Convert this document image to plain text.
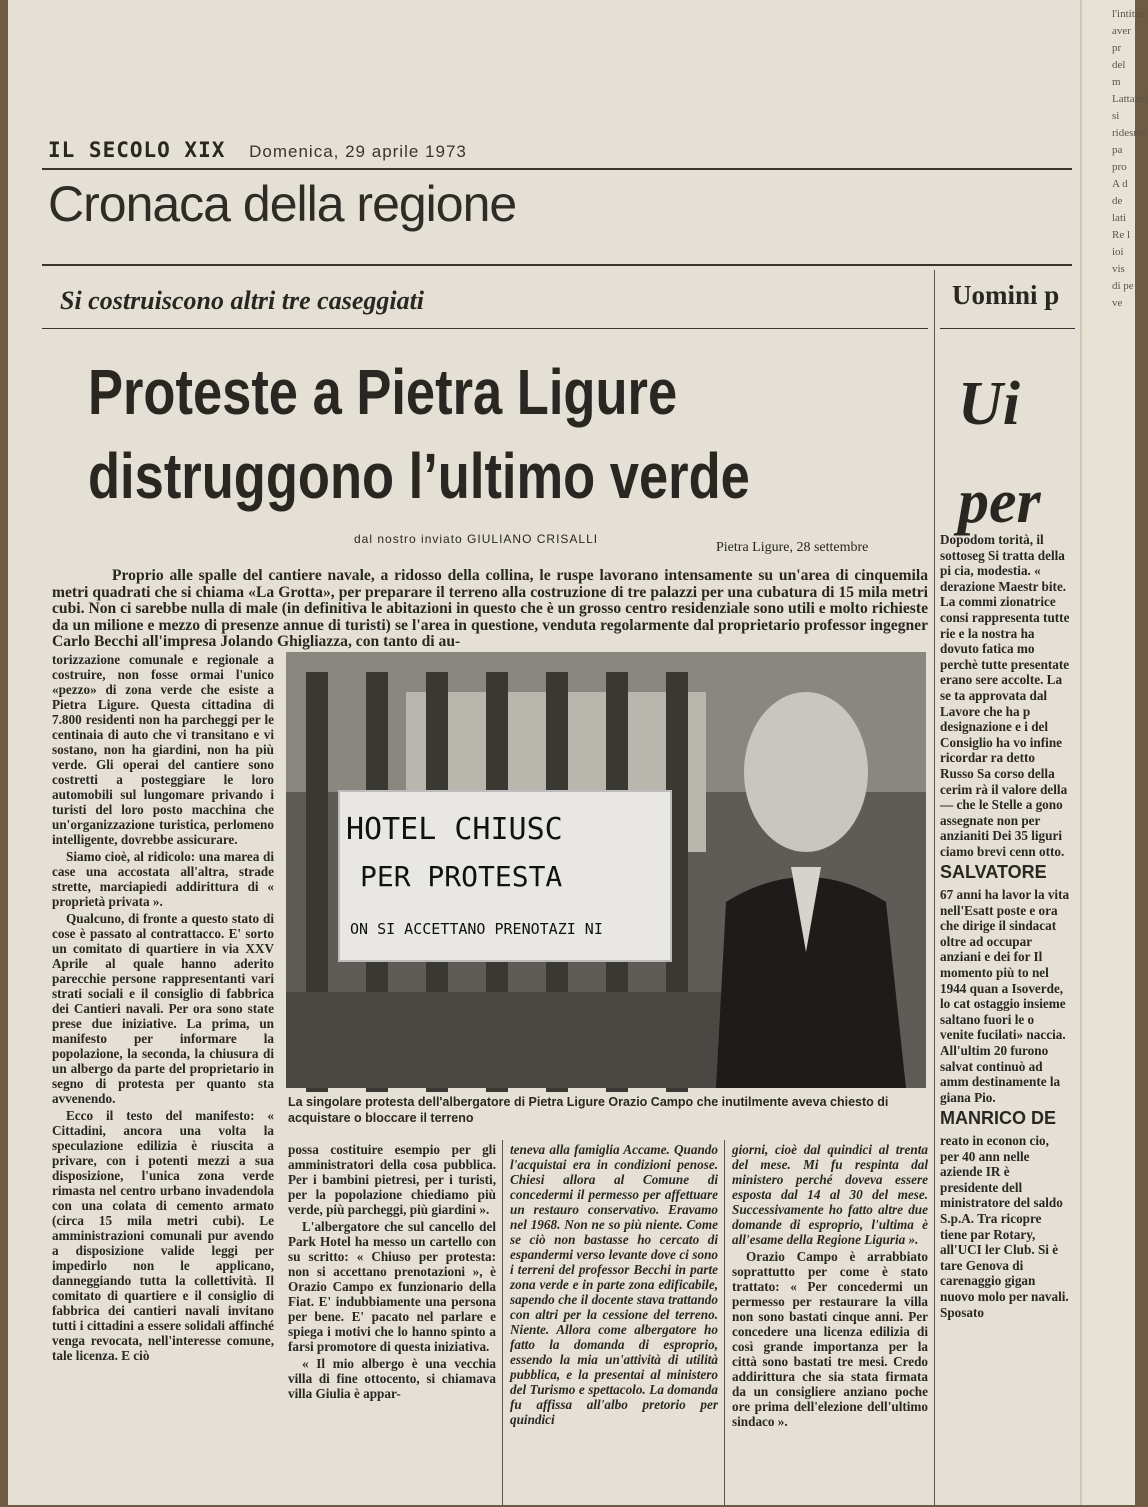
l'intitoz aver pr del m Lattanzi si ridesme pa pro A d de lati Re l ioi vis di pe ve
IL SECOLO XIX Domenica, 29 aprile 1973
Cronaca della regione
Si costruiscono altri tre caseggiati	Uomini p
Proteste a Pietra Ligure
distruggono l’ultimo verde
Ui
per
dal nostro inviato GIULIANO CRISALLI
Pietra Ligure, 28 settembre
Proprio alle spalle del cantiere navale, a ridosso della collina, le ruspe lavorano intensamente su un'area di cinquemila metri quadrati che si chiama «La Grotta», per preparare il terreno alla costruzione di tre palazzi per una cubatura di 15 mila metri cubi. Non ci sarebbe nulla di male (in definitiva le abitazioni in questo che è un grosso centro residenziale sono utili e molto richieste da un milione e mezzo di presenze annue di turisti) se l'area in questione, venduta regolarmente dal proprietario professor ingegner Carlo Becchi all'impresa Jolando Ghigliazza, con tanto di au-

torizzazione comunale e regionale a costruire, non fosse ormai l'unico «pezzo» di zona verde che esiste a Pietra Ligure. Questa cittadina di 7.800 residenti non ha parcheggi per le centinaia di auto che vi transitano e vi sostano, non ha giardini, non ha più verde. Gli operai del cantiere sono costretti a posteggiare le loro automobili sul lungomare privando i turisti del loro posto macchina che un'organizzazione turistica, perlomeno intelligente, dovrebbe assicurare.

Siamo cioè, al ridicolo: una marea di case una accostata all'altra, strade strette, marciapiedi addirittura di « proprietà privata ».

Qualcuno, di fronte a questo stato di cose è passato al contrattacco. E' sorto un comitato di quartiere in via XXV Aprile al quale hanno aderito parecchie persone rappresentanti vari strati sociali e il consiglio di fabbrica dei Cantieri navali. Per ora sono state prese due iniziative. La prima, un manifesto per informare la popolazione, la seconda, la chiusura di un albergo da parte del proprietario in segno di protesta per quanto sta avvenendo.

Ecco il testo del manifesto: « Cittadini, ancora una volta la speculazione edilizia è riuscita a privare, con i potenti mezzi a sua disposizione, l'unica zona verde rimasta nel centro urbano invadendola con una colata di cemento armato (circa 15 mila metri cubi). Le amministrazioni comunali pur avendo a disposizione valide leggi per impedirlo non le applicano, danneggiando tutta la collettività. Il comitato di quartiere e il consiglio di fabbrica dei cantieri navali invitano tutti i cittadini a essere solidali affinché venga revocata, nell'interesse comune, tale licenza. E ciò

HOTEL CHIUSC
PER PROTESTA
ON SI ACCETTANO PRENOTAZI NI
La singolare protesta dell'albergatore di Pietra Ligure Orazio Campo che inutilmente aveva chiesto di acquistare o bloccare il terreno

possa costituire esempio per gli amministratori della cosa pubblica. Per i bambini pietresi, per i turisti, per la popolazione chiediamo più verde, più parcheggi, più giardini ».

L'albergatore che sul cancello del Park Hotel ha messo un cartello con su scritto: « Chiuso per protesta: non si accettano prenotazioni », è Orazio Campo ex funzionario della Fiat. E' indubbiamente una persona per bene. E' pacato nel parlare e spiega i motivi che lo hanno spinto a farsi promotore di questa iniziativa.

« Il mio albergo è una vecchia villa di fine ottocento, si chiamava villa Giulia è appar-

teneva alla famiglia Accame. Quando l'acquistai era in condizioni penose. Chiesi allora al Comune di concedermi il permesso per affettuare un restauro conservativo. Eravamo nel 1968. Non ne so più niente. Come se ciò non bastasse ho cercato di espandermi verso levante dove ci sono i terreni del professor Becchi in parte zona verde e in parte zona edificabile, sapendo che il docente stava trattando con altri per la cessione del terreno. Niente. Allora come albergatore ho fatto la domanda di esproprio, essendo la mia un'attività di utilità pubblica, e la presentai al ministero del Turismo e spettacolo. La domanda fu affissa all'albo pretorio per quindici

giorni, cioè dal quindici al trenta del mese. Mi fu respinta dal ministero perché doveva essere esposta dal 14 al 30 del mese. Successivamente ho fatto altre due domande di esproprio, l'ultima è all'esame della Regione Liguria ».

Orazio Campo è arrabbiato soprattutto per come è stato trattato: « Per concedermi un permesso per restaurare la villa non sono bastati cinque anni. Per concedere una licenza edilizia di così grande importanza per la città sono bastati tre mesi. Credo addirittura che sia stata firmata da un consigliere anziano poche ore prima dell'elezione dell'ultimo sindaco ».

Dopodom torità, il sottoseg Si tratta della pi cia, modestia. « derazione Maestr bite. La commi zionatrice consi rappresenta tutte rie e la nostra ha dovuto fatica mo perchè tutte presentate erano sere accolte. La se ta approvata dal Lavore che ha p designazione e i del Consiglio ha vo infine ricordar ra detto Russo Sa corso della cerim rà il valore della — che le Stelle a gono assegnate non per anzianiti Dei 35 liguri ciamo brevi cenn otto.
SALVATORE
67 anni ha lavor la vita nell'Esatt poste e ora che dirige il sindacat oltre ad occupar anziani e dei for Il momento più to nel 1944 quan a Isoverde, lo cat ostaggio insieme saltano fuori le o venite fucilati» naccia. All'ultim 20 furono salvat continuò ad amm destinamente la giana Pio.
MANRICO DE
reato in econon cio, per 40 ann nelle aziende IR è presidente dell ministratore del saldo S.p.A. Tra ricopre tiene par Rotary, all'UCI ler Club. Si è tare Genova di carenaggio gigan nuovo molo per navali. Sposato
